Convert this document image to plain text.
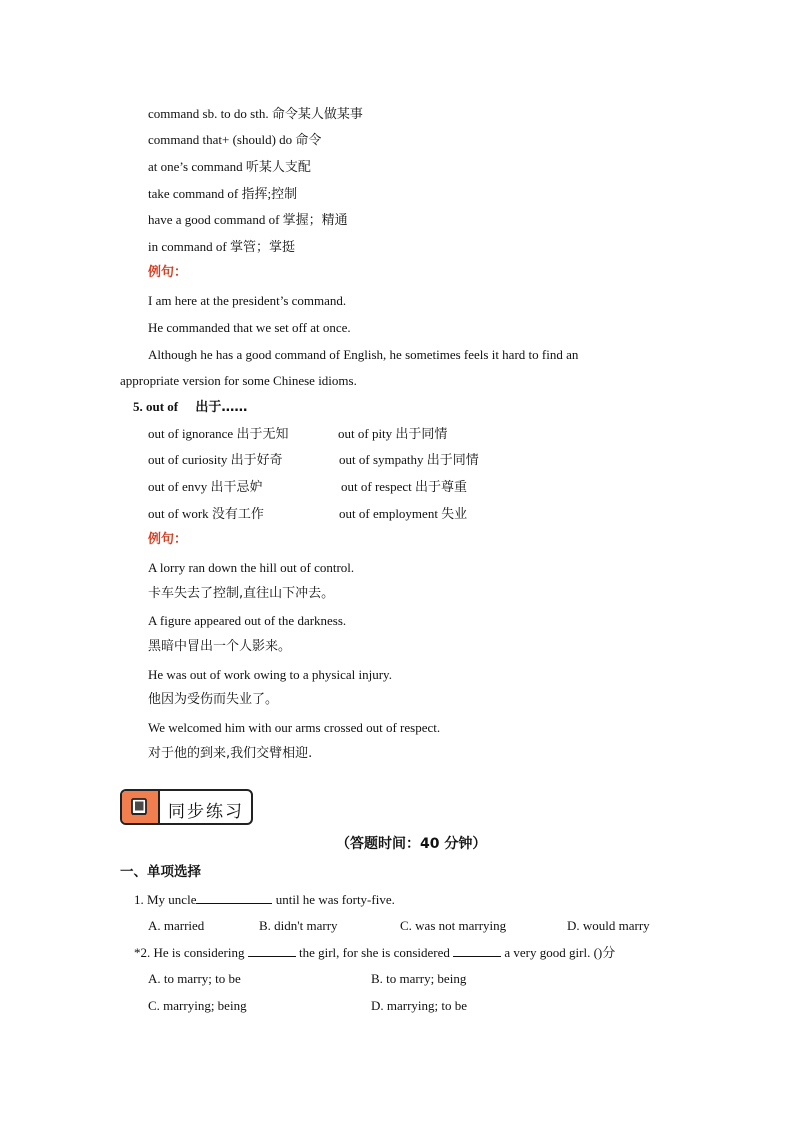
command sb. to do sth. 命令某人做某事
command that+ (should) do 命令
at one’s command 听某人支配
take command of 指挥;控制
have a good command of 掌握；精通
in command of 掌管；掌挺
例句：
I am here at the president’s command.
He commanded that we set off at once.
Although he has a good command of English, he sometimes feels it hard to find an
appropriate version for some Chinese idioms.
5. out of 出于……
out of ignorance 出于无知	out of pity 出于同情
out of curiosity 出于好奇	out of sympathy 出于同情
out of envy 出干忌妒	out of respect 出于尊重
out of work 没有工作	out of employment 失业
例句：
A lorry ran down the hill out of control.
卡车失去了控制,直往山下冲去。
A figure appeared out of the darkness.
黑暗中冒出一个人影来。
He was out of work owing to a physical injury.
他因为受伤而失业了。
We welcomed him with our arms crossed out of respect.
对于他的到来,我们交臂相迎.
同步练习
（答题时间：40 分钟）
一、单项选择
1. My uncle	until he was forty-five.
A. married	B. didn't marry	C. was not marrying	D. would marry
*2. He is considering	the girl, for she is considered	a very good girl. ()分
A. to marry; to be	B. to marry; being
C. marrying; being	D. marrying; to be
